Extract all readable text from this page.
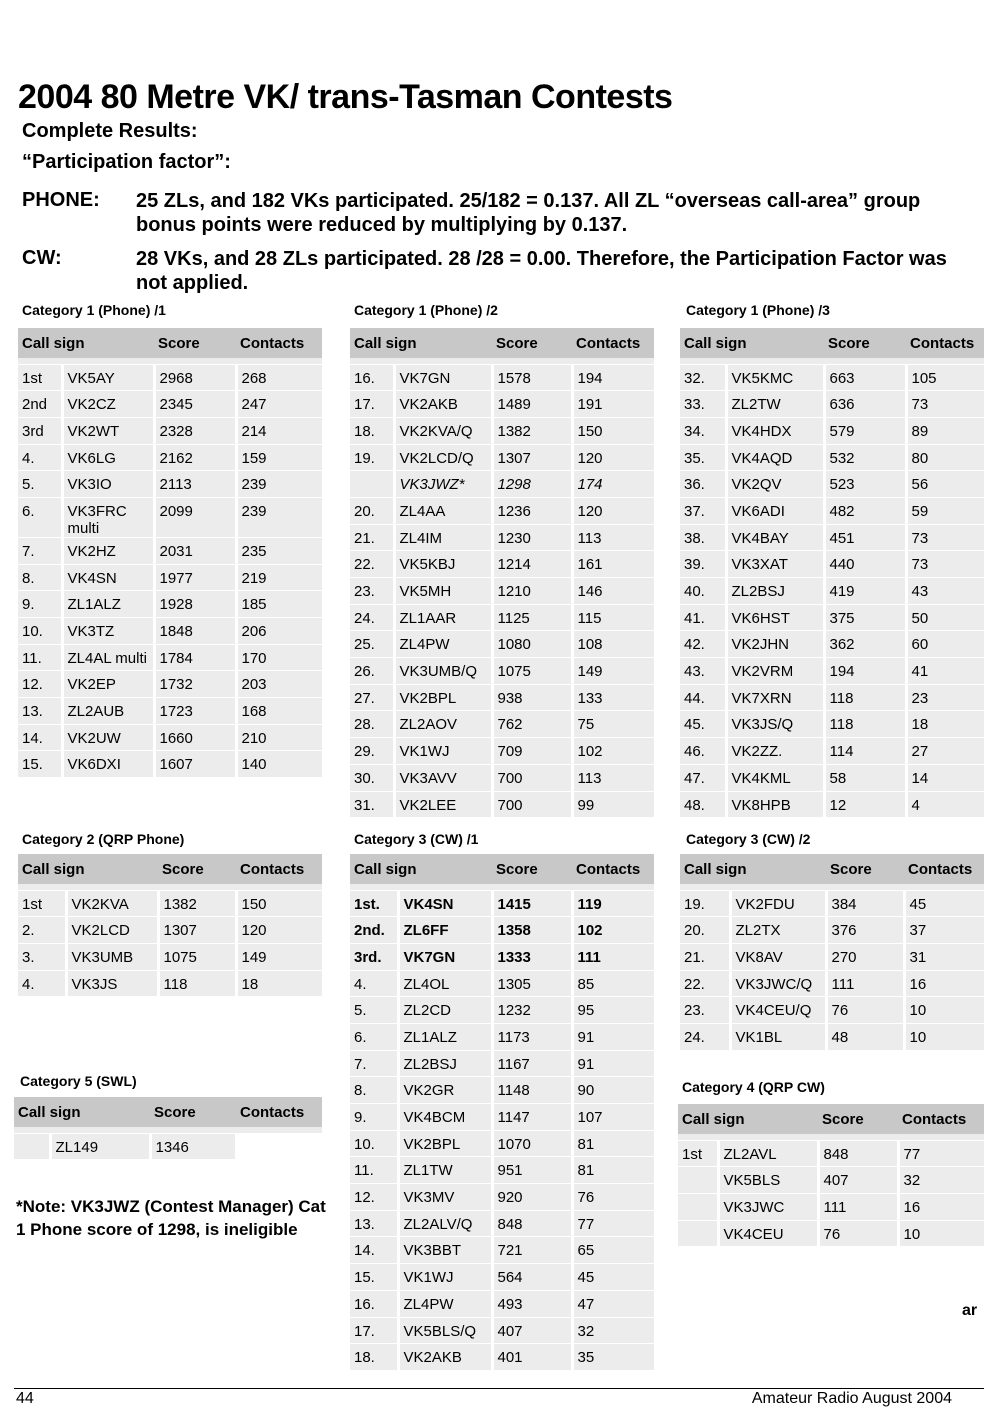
2004 80 Metre VK/ trans-Tasman Contests
Complete Results:
“Participation factor”:
PHONE: 25 ZLs, and 182 VKs participated. 25/182 = 0.137. All ZL “overseas call-area” group bonus points were reduced by multiplying by 0.137.
CW:	28 VKs, and 28 ZLs participated. 28 /28 = 0.00. Therefore, the Participation Factor was not applied.
Category 1 (Phone) /1
Call sign		Score	Contacts

1st	VK5AY	2968	268
2nd	VK2CZ	2345	247
3rd	VK2WT	2328	214
4.	VK6LG	2162	159
5.	VK3IO	2113	239
6.	VK3FRC multi	2099	239
7.	VK2HZ	2031	235
8.	VK4SN	1977	219
9.	ZL1ALZ	1928	185
10.	VK3TZ	1848	206
11.	ZL4AL multi	1784	170
12.	VK2EP	1732	203
13.	ZL2AUB	1723	168
14.	VK2UW	1660	210
15.	VK6DXI	1607	140
Category 1 (Phone) /2
Call sign		Score	Contacts

16.	VK7GN	1578	194
17.	VK2AKB	1489	191
18.	VK2KVA/Q	1382	150
19.	VK2LCD/Q	1307	120
	VK3JWZ*	1298	174
20.	ZL4AA	1236	120
21.	ZL4IM	1230	113
22.	VK5KBJ	1214	161
23.	VK5MH	1210	146
24.	ZL1AAR	1125	115
25.	ZL4PW	1080	108
26.	VK3UMB/Q	1075	149
27.	VK2BPL	938	133
28.	ZL2AOV	762	75
29.	VK1WJ	709	102
30.	VK3AVV	700	113
31.	VK2LEE	700	99
Category 1 (Phone) /3
Call sign		Score	Contacts

32.	VK5KMC	663	105
33.	ZL2TW	636	73
34.	VK4HDX	579	89
35.	VK4AQD	532	80
36.	VK2QV	523	56
37.	VK6ADI	482	59
38.	VK4BAY	451	73
39.	VK3XAT	440	73
40.	ZL2BSJ	419	43
41.	VK6HST	375	50
42.	VK2JHN	362	60
43.	VK2VRM	194	41
44.	VK7XRN	118	23
45.	VK3JS/Q	118	18
46.	VK2ZZ.	114	27
47.	VK4KML	58	14
48.	VK8HPB	12	4
Category 2 (QRP Phone)
Call sign		Score	Contacts

1st	VK2KVA	1382	150
2.	VK2LCD	1307	120
3.	VK3UMB	1075	149
4.	VK3JS	118	18
Category 3 (CW) /1
Call sign		Score	Contacts

1st.	VK4SN	1415	119
2nd.	ZL6FF	1358	102
3rd.	VK7GN	1333	111
4.	ZL4OL	1305	85
5.	ZL2CD	1232	95
6.	ZL1ALZ	1173	91
7.	ZL2BSJ	1167	91
8.	VK2GR	1148	90
9.	VK4BCM	1147	107
10.	VK2BPL	1070	81
11.	ZL1TW	951	81
12.	VK3MV	920	76
13.	ZL2ALV/Q	848	77
14.	VK3BBT	721	65
15.	VK1WJ	564	45
16.	ZL4PW	493	47
17.	VK5BLS/Q	407	32
18.	VK2AKB	401	35
Category 3 (CW) /2
Call sign		Score	Contacts

19.	VK2FDU	384	45
20.	ZL2TX	376	37
21.	VK8AV	270	31
22.	VK3JWC/Q	111	16
23.	VK4CEU/Q	76	10
24.	VK1BL	48	10
Category 5 (SWL)
Call sign		Score	Contacts

	ZL149	1346	
Category 4 (QRP CW)
Call sign		Score	Contacts

1st	ZL2AVL	848	77
	VK5BLS	407	32
	VK3JWC	111	16
	VK4CEU	76	10
*Note: VK3JWZ (Contest Manager) Cat 1 Phone score of 1298, is ineligible
ar
44	Amateur Radio August 2004
